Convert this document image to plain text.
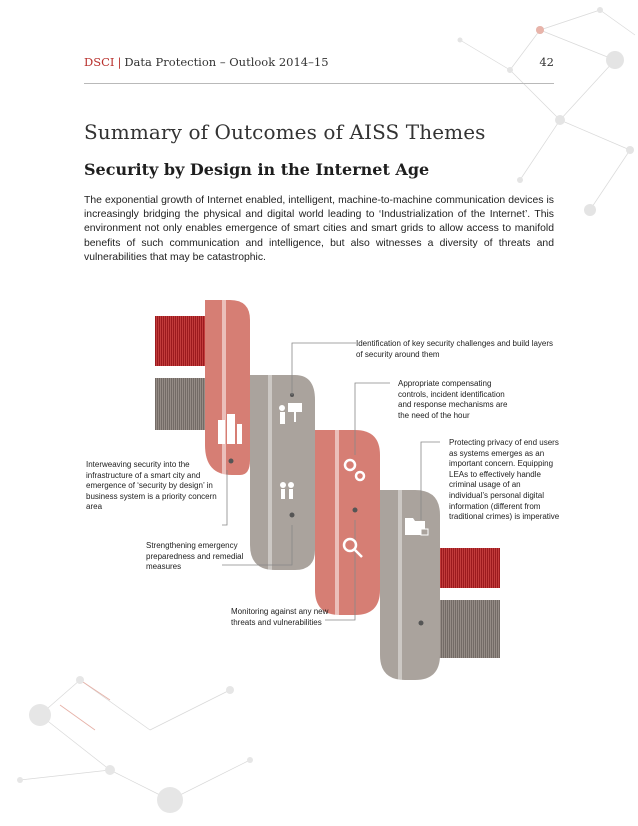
DSCI | Data Protection – Outlook 2014–15	42
Summary of Outcomes of AISS Themes
Security by Design in the Internet Age
The exponential growth of Internet enabled, intelligent, machine-to-machine communication devices is increasingly bridging the physical and digital world leading to ‘Industrialization of the Internet’. This environment not only enables emergence of smart cities and smart grids to allow access to manifold benefits of such communication and intelligence, but also witnesses a diversity of threats and vulnerabilities that may be catastrophic.
Identification of key security challenges and build layers of security around them
Appropriate compensating controls, incident identification and response mechanisms are the need of the hour
Protecting privacy of end users as systems emerges as an important concern. Equipping LEAs to effectively handle criminal usage of an individual’s personal digital information (different from traditional crimes) is imperative
Interweaving security into the infrastructure of a smart city and emergence of ‘security by design’ in business system is a priority concern area
Strengthening emergency preparedness and remedial measures
Monitoring against any new threats and vulnerabilities
